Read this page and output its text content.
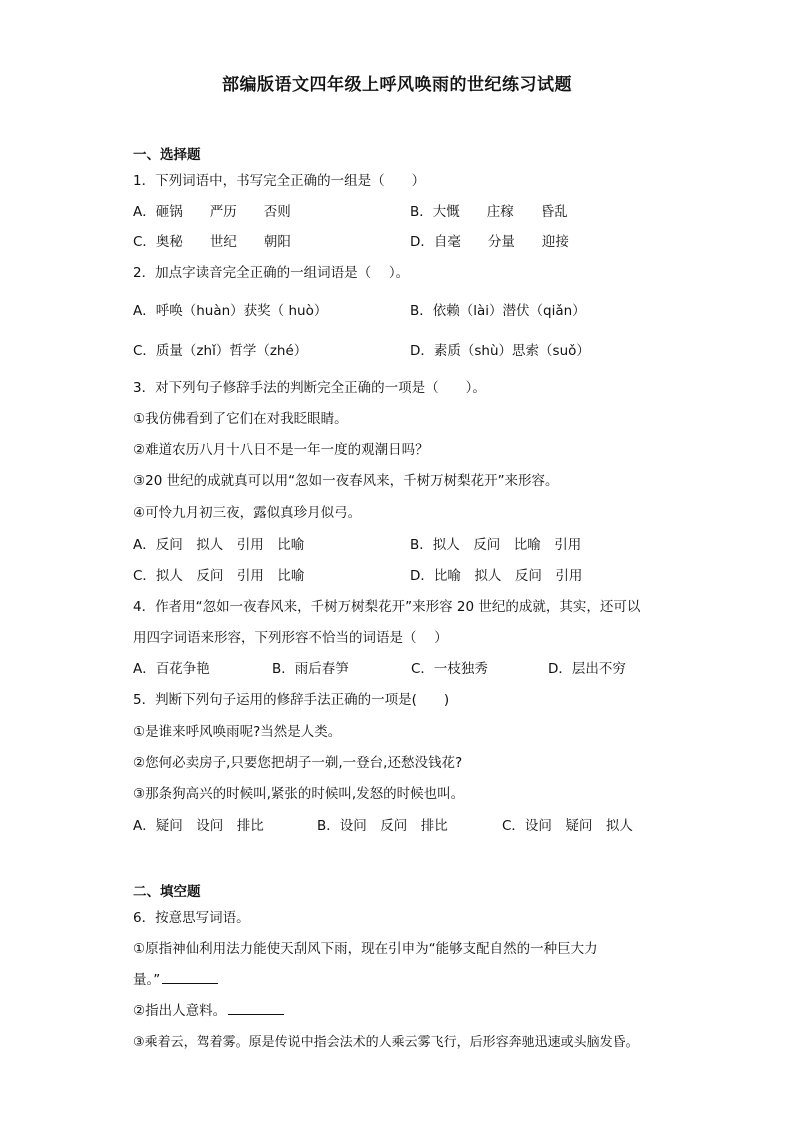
部编版语文四年级上呼风唤雨的世纪练习试题
一、选择题
1．下列词语中，书写完全正确的一组是（　　）
A．砸锅　　严历　　否则	B．大慨　　庄稼　　昏乱
C．奥秘　　世纪　　朝阳	D．自毫　　分量　　迎接
2．加点字读音完全正确的一组词语是（　 ）。
A．呼唤（huàn）获奖（ huò）	B．依赖（lài）潜伏（qiǎn）
C．质量（zhǐ）哲学（zhé）	D．素质（shù）思索（suǒ）
3．对下列句子修辞手法的判断完全正确的一项是（　　）。
①我仿佛看到了它们在对我眨眼睛。
②难道农历八月十八日不是一年一度的观潮日吗？
③20 世纪的成就真可以用“忽如一夜春风来，千树万树梨花开”来形容。
④可怜九月初三夜，露似真珍月似弓。
A．反问　拟人　引用　比喻	B．拟人　反问　比喻　引用
C．拟人　反问　引用　比喻	D．比喻　拟人　反问　引用
4．作者用“忽如一夜春风来，千树万树梨花开”来形容 20 世纪的成就，其实，还可以
用四字词语来形容，下列形容不恰当的词语是（　 ）
A．百花争艳	B．雨后春笋	C．一枝独秀	D．层出不穷
5．判断下列句子运用的修辞手法正确的一项是(　　)
①是谁来呼风唤雨呢?当然是人类。
②您何必卖房子,只要您把胡子一剃,一登台,还愁没钱花?
③那条狗高兴的时候叫,紧张的时候叫,发怒的时候也叫。
A．疑问　设问　排比	B．设问　反问　排比	C．设问　疑问　拟人
二、填空题
6．按意思写词语。
①原指神仙利用法力能使天刮风下雨，现在引申为“能够支配自然的一种巨大力
量。”
②指出人意料。
③乘着云，驾着雾。原是传说中指会法术的人乘云雾飞行，后形容奔驰迅速或头脑发昏。
